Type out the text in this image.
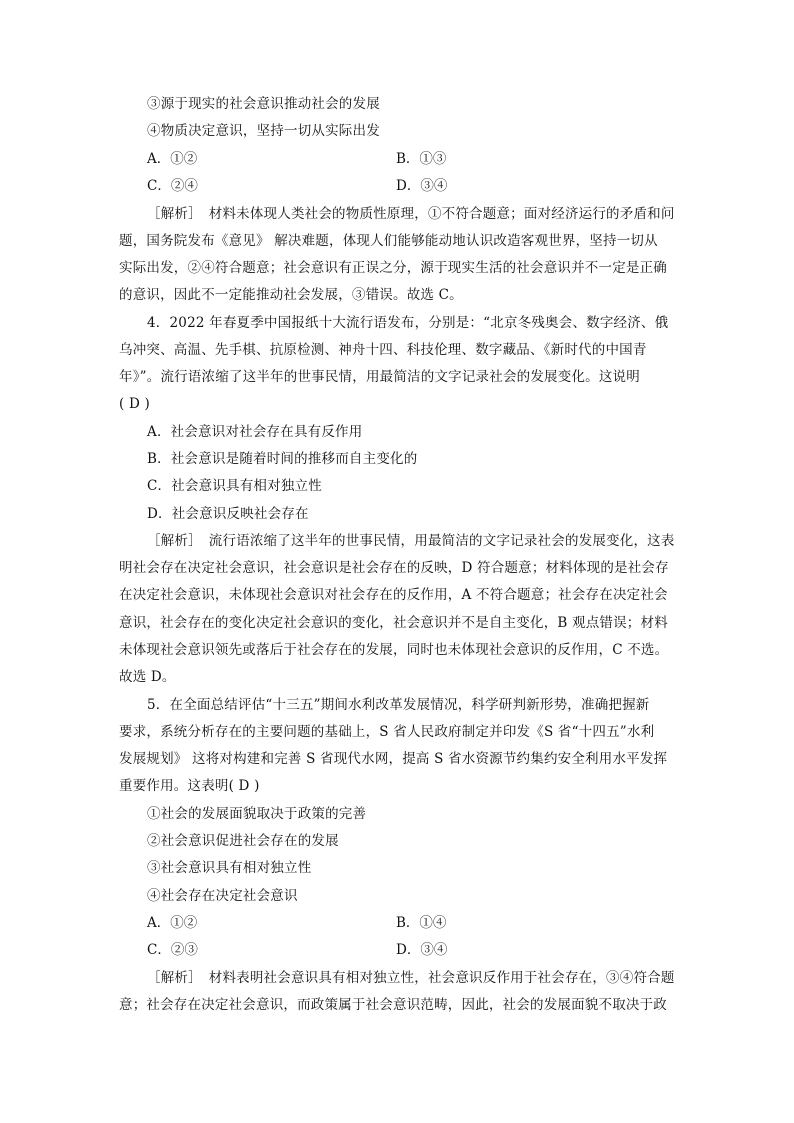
③源于现实的社会意识推动社会的发展
④物质决定意识，坚持一切从实际出发
A．①②	B．①③
C．②④	D．③④
［解析］　材料未体现人类社会的物质性原理，①不符合题意；面对经济运行的矛盾和问
题，国务院发布《意见》 解决难题，体现人们能够能动地认识改造客观世界，坚持一切从
实际出发，②④符合题意；社会意识有正误之分，源于现实生活的社会意识并不一定是正确
的意识，因此不一定能推动社会发展，③错误。故选 C。
4．2022 年春夏季中国报纸十大流行语发布，分别是：“北京冬残奥会、数字经济、俄
乌冲突、高温、先手棋、抗原检测、神舟十四、科技伦理、数字藏品、《新时代的中国青
年》”。流行语浓缩了这半年的世事民情，用最简洁的文字记录社会的发展变化。这说明
( D )
A．社会意识对社会存在具有反作用
B．社会意识是随着时间的推移而自主变化的
C．社会意识具有相对独立性
D．社会意识反映社会存在
［解析］　流行语浓缩了这半年的世事民情，用最简洁的文字记录社会的发展变化，这表
明社会存在决定社会意识，社会意识是社会存在的反映，D 符合题意；材料体现的是社会存
在决定社会意识，未体现社会意识对社会存在的反作用，A 不符合题意；社会存在决定社会
意识，社会存在的变化决定社会意识的变化，社会意识并不是自主变化，B 观点错误；材料
未体现社会意识领先或落后于社会存在的发展，同时也未体现社会意识的反作用，C 不选。
故选 D。
5．在全面总结评估“十三五”期间水利改革发展情况，科学研判新形势，准确把握新
要求，系统分析存在的主要问题的基础上，S 省人民政府制定并印发《S 省“十四五”水利
发展规划》 这将对构建和完善 S 省现代水网，提高 S 省水资源节约集约安全利用水平发挥
重要作用。这表明( D )
①社会的发展面貌取决于政策的完善
②社会意识促进社会存在的发展
③社会意识具有相对独立性
④社会存在决定社会意识
A．①②	B．①④
C．②③	D．③④
［解析］　材料表明社会意识具有相对独立性，社会意识反作用于社会存在，③④符合题
意；社会存在决定社会意识，而政策属于社会意识范畴，因此，社会的发展面貌不取决于政
